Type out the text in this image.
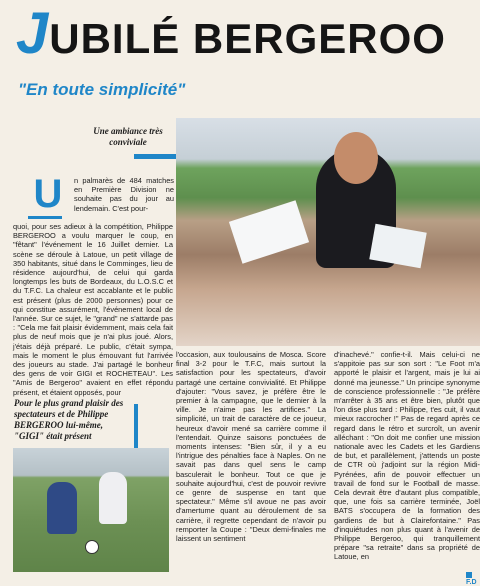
JUBILÉ BERGEROO
"En toute simplicité"
Une ambiance très conviviale
U	n palmarès de 484 matches en Première Division ne souhaite pas du jour au lendemain. C'est pour-

quoi, pour ses adieux à la compétition, Philippe BERGEROO a voulu marquer le coup, en "fêtant" l'événement le 16 Juillet dernier. La scène se déroule à Latoue, un petit village de 350 habitants, situé dans le Comminges, lieu de résidence aujourd'hui, de celui qui garda longtemps les buts de Bordeaux, du L.O.S.C et du T.F.C. La chaleur est accablante et le public est présent (plus de 2000 personnes) pour ce qui constitue assurément, l'événement local de l'année. Sur ce sujet, le "grand" ne s'attarde pas : "Cela me fait plaisir évidemment, mais cela fait plus de neuf mois que je n'ai plus joué. Alors, j'étais déjà préparé. Le public, c'était sympa, mais le moment le plus émouvant fut l'arrivée des joueurs au stade. J'ai partagé le bonheur des gens de voir GIGI et ROCHETEAU". Les "Amis de Bergeroo" avaient en effet répondu présent, et étaient opposés, pour

Pour le plus grand plaisir des spectateurs et de Philippe BERGEROO lui-même, "GIGI" était présent

l'occasion, aux toulousains de Mosca. Score final 3-2 pour le T.F.C, mais surtout la satisfaction pour les spectateurs, d'avoir partagé une certaine convivialité. Et Philippe d'ajouter: "Vous savez, je préfère être le premier à la campagne, que le dernier à la ville. Je n'aime pas les artifices." La simplicité, un trait de caractère de ce joueur, heureux d'avoir mené sa carrière comme il l'entendait. Quinze saisons ponctuées de moments intenses: "Bien sûr, il y a eu l'intrigue des pénalties face à Naples. On ne savait pas dans quel sens le camp basculerait le bonheur. Tout ce que je souhaite aujourd'hui, c'est de pouvoir revivre ce genre de suspense en tant que spectateur." Même s'il avoue ne pas avoir d'amertume quant au déroulement de sa carrière, il regrette cependant de n'avoir pu remporter la Coupe : "Deux demi-finales me laissent un sentiment

d'inachevé." confie-t-il. Mais celui-ci ne s'appitoie pas sur son sort : "Le Foot m'a apporté le plaisir et l'argent, mais je lui ai donné ma jeunesse." Un principe synonyme de conscience professionnelle : "Je préfère m'arrêter à 35 ans et être bien, plutôt que l'on dise plus tard : Philippe, t'es cuit, il vaut mieux raccrocher !" Pas de regard après ce regard dans le rétro et surcroît, un avenir alléchant : "On doit me confier une mission nationale avec les Cadets et les Gardiens de but, et parallèlement, j'attends un poste de CTR où j'adjoint sur la région Midi-Pyrénées, afin de pouvoir effectuer un travail de fond sur le Football de masse. Cela devrait être d'autant plus compatible, que, une fois sa carrière terminée, Joël BATS s'occupera de la formation des gardiens de but à Clairefontaine." Pas d'inquiétudes non plus quant à l'avenir de Philippe Bergeroo, qui tranquillement prépare "sa retraite" dans sa propriété de Latoue, en

F.D
